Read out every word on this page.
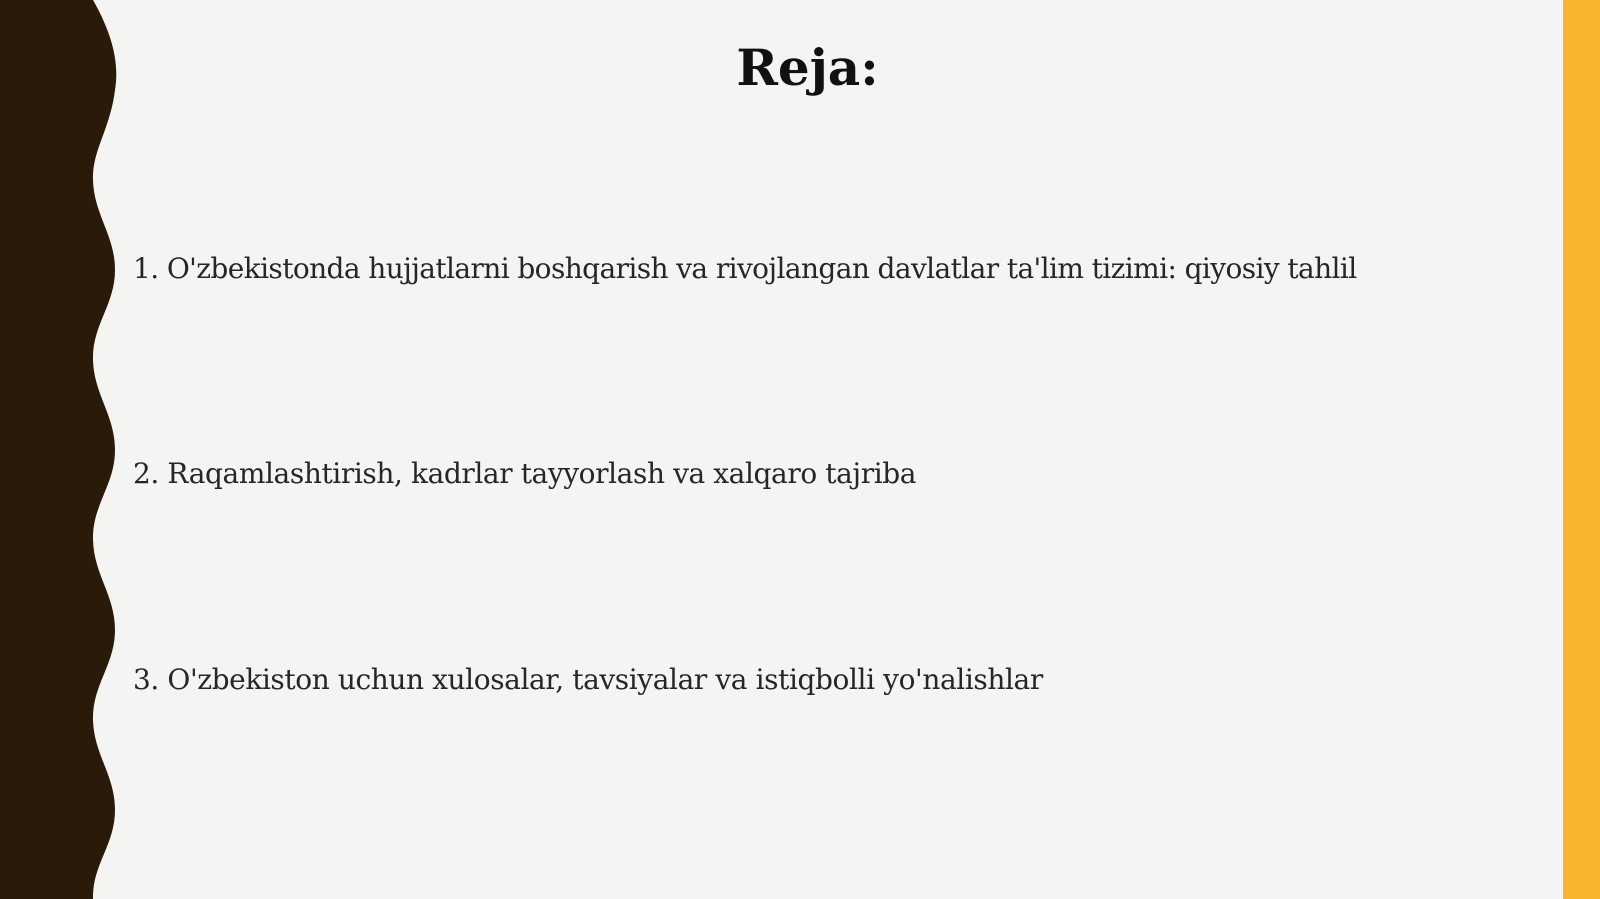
Reja:

1. O'zbekistonda hujjatlarni boshqarish va rivojlangan davlatlar ta'lim tizimi: qiyosiy tahlil

2. Raqamlashtirish, kadrlar tayyorlash va xalqaro tajriba

3. O'zbekiston uchun xulosalar, tavsiyalar va istiqbolli yo'nalishlar
